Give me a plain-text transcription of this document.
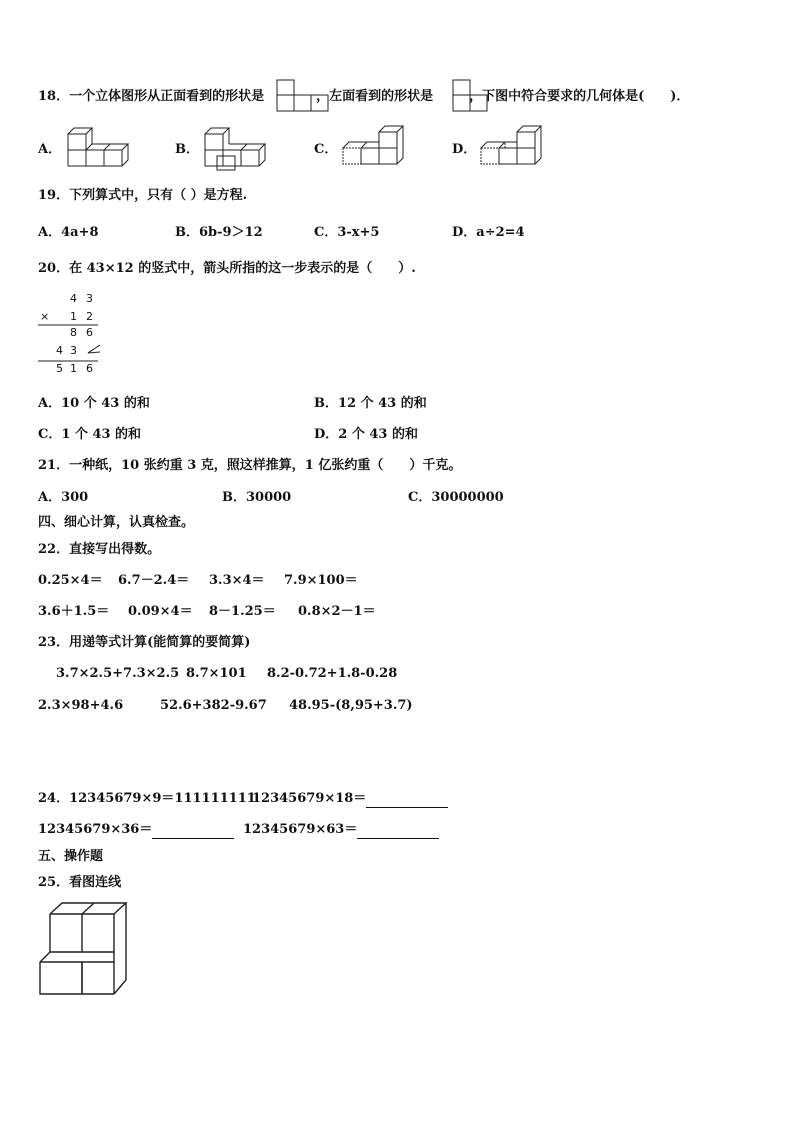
18．一个立体图形从正面看到的形状是	，左面看到的形状是	，下图中符合要求的几何体是(　　)．
A．	B．	C．	D．
19．下列算式中，只有（ ）是方程.
A．4a+8	B．6b-9＞12	C．3-x+5	D．a÷2=4
20．在 43×12 的竖式中，箭头所指的这一步表示的是（　　）.
4 3
× 1 2
8 6
4 3
5 1 6
A．10 个 43 的和	B．12 个 43 的和
C．1 个 43 的和	D．2 个 43 的和
21．一种纸，10 张约重 3 克，照这样推算，1 亿张约重（　　）千克。
A．300	B．30000	C．30000000
四、细心计算，认真检查。
22．直接写出得数。
0.25×4＝ 6.7－2.4＝ 3.3×4＝ 7.9×100＝
3.6＋1.5＝ 0.09×4＝ 8－1.25＝ 0.8×2－1＝
23．用递等式计算(能简算的要简算)
3.7×2.5+7.3×2.5 8.7×101 8.2-0.72+1.8-0.28
2.3×98+4.6	52.6+382-9.67 48.95-(8,95+3.7)
24．12345679×9＝111111111
12345679×18＝
12345679×36＝	12345679×63＝
五、操作题
25．看图连线
